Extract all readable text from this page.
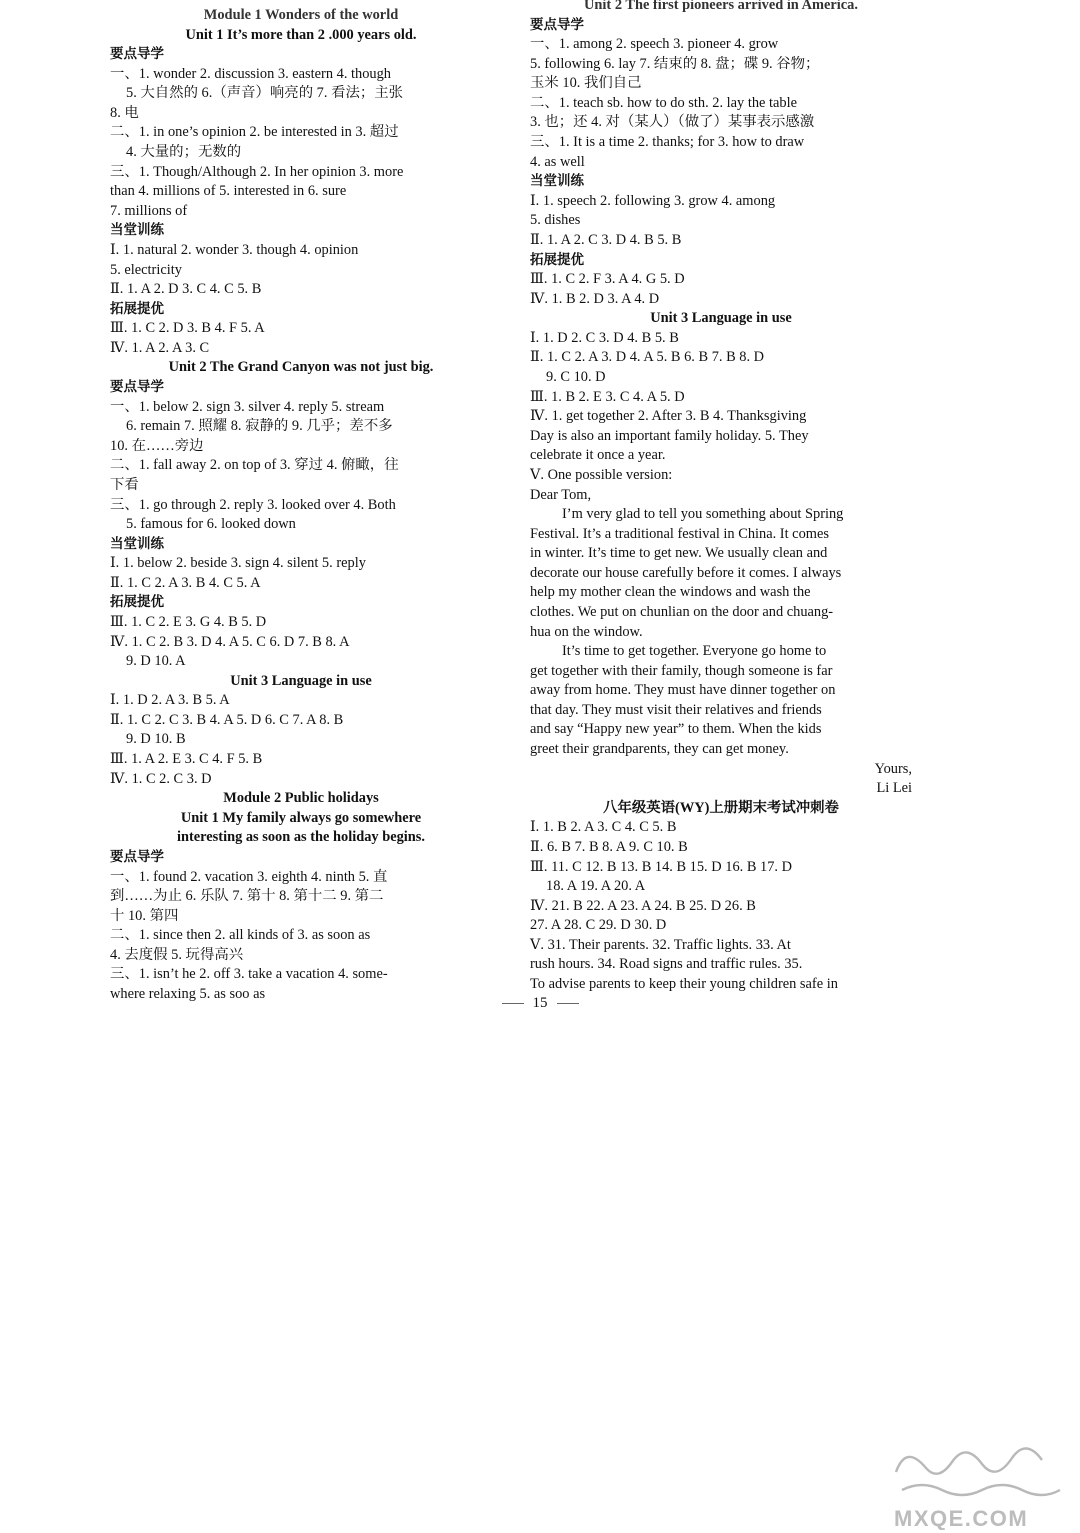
Module 1 Wonders of the world
Unit 1 It’s more than 2 .000 years old.
要点导学
一、1. wonder 2. discussion 3. eastern 4. though
5. 大自然的 6.（声音）响亮的 7. 看法；主张
8. 电
二、1. in one’s opinion 2. be interested in 3. 超过
4. 大量的；无数的
三、1. Though/Although 2. In her opinion 3. more
than 4. millions of 5. interested in 6. sure
7. millions of
当堂训练
Ⅰ. 1. natural 2. wonder 3. though 4. opinion
5. electricity
Ⅱ. 1. A 2. D 3. C 4. C 5. B
拓展提优
Ⅲ. 1. C 2. D 3. B 4. F 5. A
Ⅳ. 1. A 2. A 3. C
Unit 2 The Grand Canyon was not just big.
要点导学
一、1. below 2. sign 3. silver 4. reply 5. stream
6. remain 7. 照耀 8. 寂静的 9. 几乎；差不多
10. 在……旁边
二、1. fall away 2. on top of 3. 穿过 4. 俯瞰，往
下看
三、1. go through 2. reply 3. looked over 4. Both
5. famous for 6. looked down
当堂训练
Ⅰ. 1. below 2. beside 3. sign 4. silent 5. reply
Ⅱ. 1. C 2. A 3. B 4. C 5. A
拓展提优
Ⅲ. 1. C 2. E 3. G 4. B 5. D
Ⅳ. 1. C 2. B 3. D 4. A 5. C 6. D 7. B 8. A
9. D 10. A
Unit 3 Language in use
Ⅰ. 1. D 2. A 3. B 5. A
Ⅱ. 1. C 2. C 3. B 4. A 5. D 6. C 7. A 8. B
9. D 10. B
Ⅲ. 1. A 2. E 3. C 4. F 5. B
Ⅳ. 1. C 2. C 3. D
Module 2 Public holidays
Unit 1 My family always go somewhere
interesting as soon as the holiday begins.
要点导学
一、1. found 2. vacation 3. eighth 4. ninth 5. 直
到……为止 6. 乐队 7. 第十 8. 第十二 9. 第二
十 10. 第四
二、1. since then 2. all kinds of 3. as soon as
4. 去度假 5. 玩得高兴
三、1. isn’t he 2. off 3. take a vacation 4. some-
where relaxing 5. as soo as
Unit 2 The first pioneers arrived in America.
要点导学
一、1. among 2. speech 3. pioneer 4. grow
5. following 6. lay 7. 结束的 8. 盘；碟 9. 谷物；
玉米 10. 我们自己
二、1. teach sb. how to do sth. 2. lay the table
3. 也；还 4. 对（某人）（做了）某事表示感激
三、1. It is a time 2. thanks; for 3. how to draw
4. as well
当堂训练
Ⅰ. 1. speech 2. following 3. grow 4. among
5. dishes
Ⅱ. 1. A 2. C 3. D 4. B 5. B
拓展提优
Ⅲ. 1. C 2. F 3. A 4. G 5. D
Ⅳ. 1. B 2. D 3. A 4. D
Unit 3 Language in use
Ⅰ. 1. D 2. C 3. D 4. B 5. B
Ⅱ. 1. C 2. A 3. D 4. A 5. B 6. B 7. B 8. D
9. C 10. D
Ⅲ. 1. B 2. E 3. C 4. A 5. D
Ⅳ. 1. get together 2. After 3. B 4. Thanksgiving
Day is also an important family holiday. 5. They
celebrate it once a year.
Ⅴ. One possible version:
Dear Tom,
I’m very glad to tell you something about Spring
Festival. It’s a traditional festival in China. It comes
in winter. It’s time to get new. We usually clean and
decorate our house carefully before it comes. I always
help my mother clean the windows and wash the
clothes. We put on chunlian on the door and chuang-
hua on the window.
It’s time to get together. Everyone go home to
get together with their family, though someone is far
away from home. They must have dinner together on
that day. They must visit their relatives and friends
and say “Happy new year” to them. When the kids
greet their grandparents, they can get money.
Yours,
Li Lei
八年级英语(WY)上册期末考试冲刺卷
Ⅰ. 1. B 2. A 3. C 4. C 5. B
Ⅱ. 6. B 7. B 8. A 9. C 10. B
Ⅲ. 11. C 12. B 13. B 14. B 15. D 16. B 17. D
18. A 19. A 20. A
Ⅳ. 21. B 22. A 23. A 24. B 25. D 26. B
27. A 28. C 29. D 30. D
Ⅴ. 31. Their parents. 32. Traffic lights. 33. At
rush hours. 34. Road signs and traffic rules. 35.
To advise parents to keep their young children safe in
15
MXQE.COM
